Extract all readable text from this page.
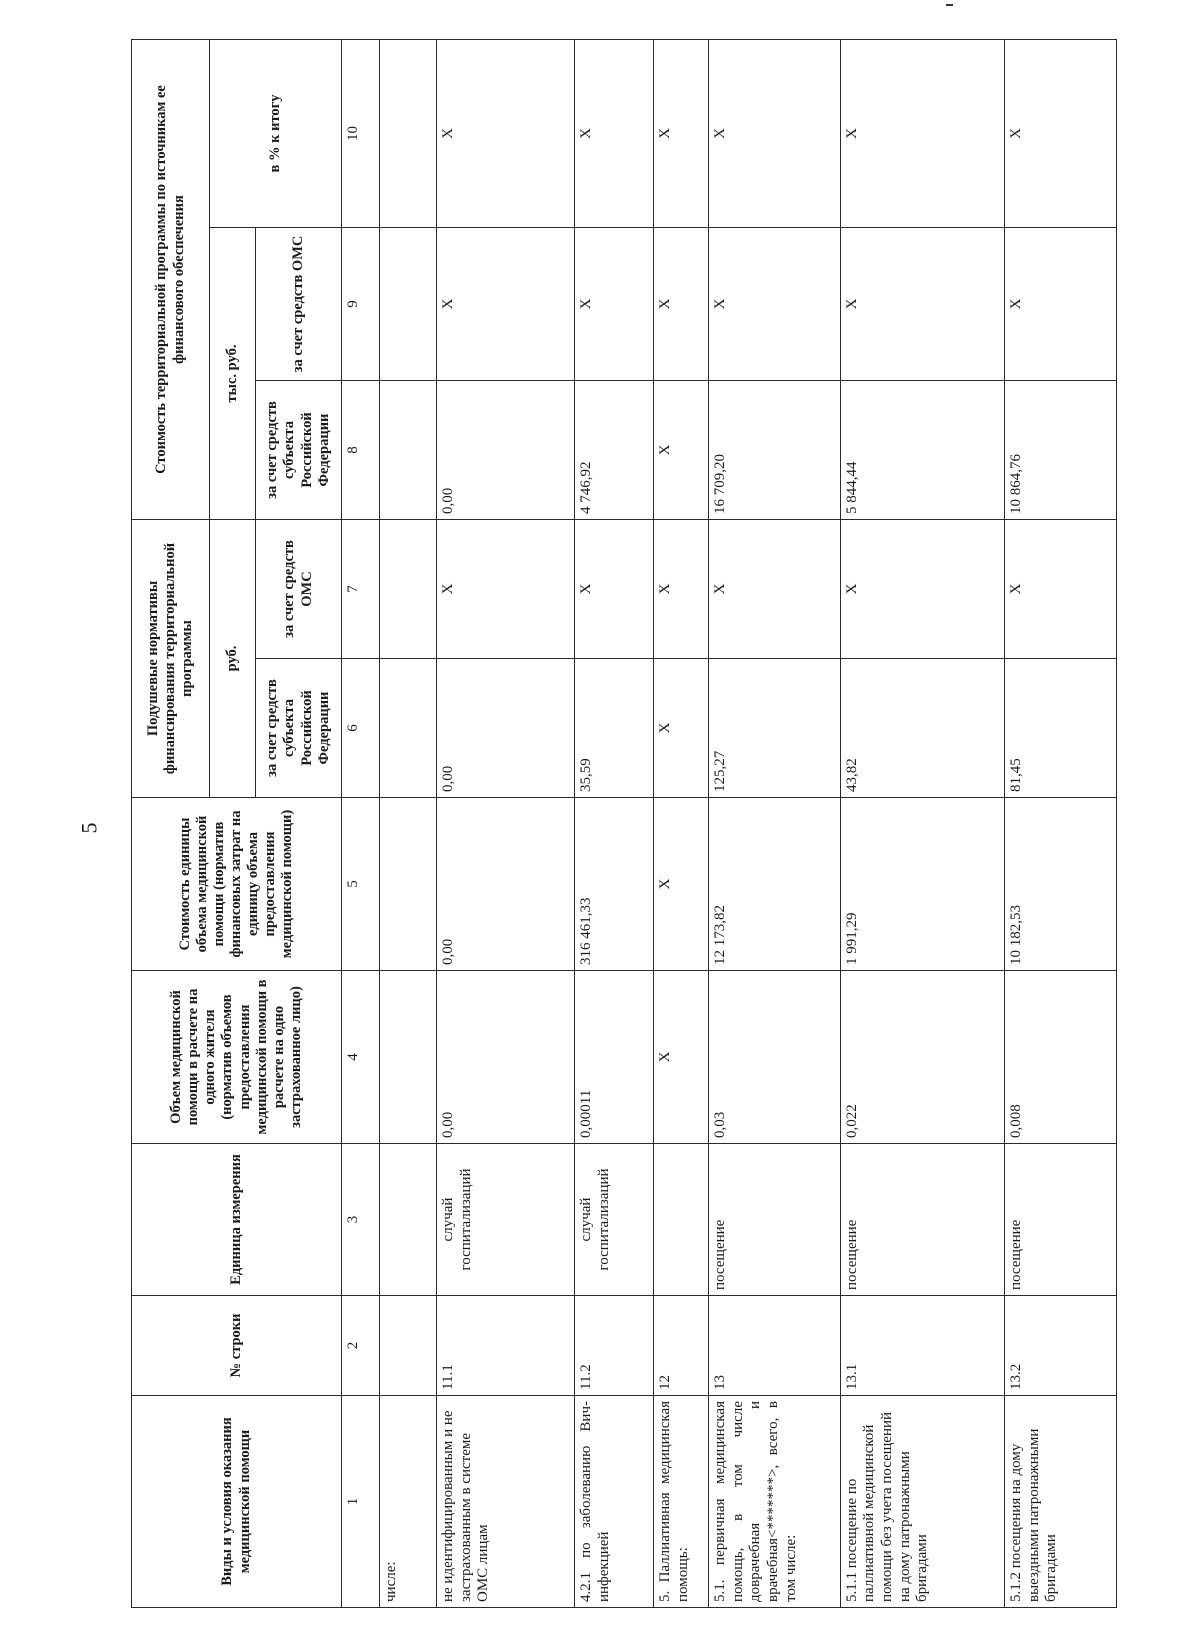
5
Виды и условия оказания медицинской помощи	№ строки	Единица измерения	Объем медицинской помощи в расчете на одного жителя (норматив объемов предоставления медицинской помощи в расчете на одно застрахованное лицо)	Стоимость единицы объема медицинской помощи (норматив финансовых затрат на единицу объема предоставления медицинской помощи)	Подушевые нормативы финансирования территориальной программы		Стоимость территориальной программы по источникам ее финансового обеспечения		
					руб.		тыс. руб.		в % к итогу
					за счет средств субъекта Российской Федерации	за счет средств ОМС	за счет средств субъекта Российской Федерации	за счет средств ОМС	
1	2	3	4	5	6	7	8	9	10
числе:									
не идентифицированным и не застрахованным в системе ОМС лицам	11.1	случай госпитализаций	0,00	0,00	0,00	X	0,00	X	X
4.2.1 по заболеванию Вич-инфекцией	11.2	случай госпитализаций	0,00011	316 461,33	35,59	X	4 746,92	X	X
5. Паллиативная медицинская помощь:	12		X	X	X	X	X	X	X
5.1. первичная медицинская помощь, в том числе доврачебная и врачебная<*******>, всего, в том числе:	13	посещение	0,03	12 173,82	125,27	X	16 709,20	X	X
5.1.1 посещение по паллиативной медицинской помощи без учета посещений на дому патронажными бригадами	13.1	посещение	0,022	1 991,29	43,82	X	5 844,44	X	X
5.1.2 посещения на дому выездными патронажными бригадами	13.2	посещение	0,008	10 182,53	81,45	X	10 864,76	X	X
